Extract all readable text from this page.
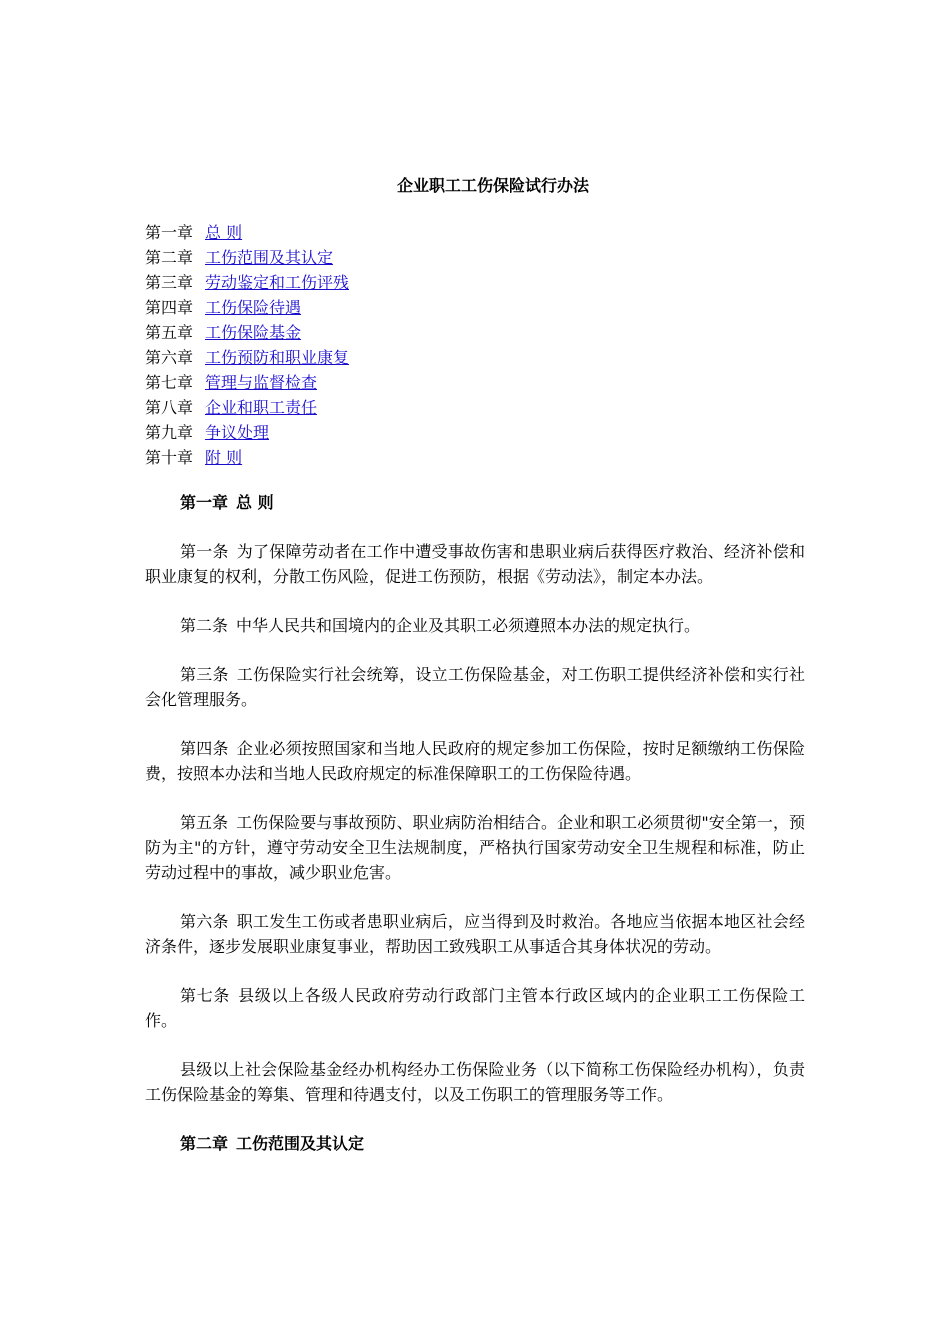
企业职工工伤保险试行办法
第一章 总 则
第二章 工伤范围及其认定
第三章 劳动鉴定和工伤评残
第四章 工伤保险待遇
第五章 工伤保险基金
第六章 工伤预防和职业康复
第七章 管理与监督检查
第八章 企业和职工责任
第九章 争议处理
第十章 附 则
第一章 总 则

第一条 为了保障劳动者在工作中遭受事故伤害和患职业病后获得医疗救治、经济补偿和职业康复的权利，分散工伤风险，促进工伤预防，根据《劳动法》，制定本办法。

第二条 中华人民共和国境内的企业及其职工必须遵照本办法的规定执行。

第三条 工伤保险实行社会统筹，设立工伤保险基金，对工伤职工提供经济补偿和实行社会化管理服务。

第四条 企业必须按照国家和当地人民政府的规定参加工伤保险，按时足额缴纳工伤保险费，按照本办法和当地人民政府规定的标准保障职工的工伤保险待遇。

第五条 工伤保险要与事故预防、职业病防治相结合。企业和职工必须贯彻"安全第一，预防为主"的方针，遵守劳动安全卫生法规制度，严格执行国家劳动安全卫生规程和标准，防止劳动过程中的事故，减少职业危害。

第六条 职工发生工伤或者患职业病后，应当得到及时救治。各地应当依据本地区社会经济条件，逐步发展职业康复事业，帮助因工致残职工从事适合其身体状况的劳动。

第七条 县级以上各级人民政府劳动行政部门主管本行政区域内的企业职工工伤保险工作。

县级以上社会保险基金经办机构经办工伤保险业务（以下简称工伤保险经办机构），负责工伤保险基金的筹集、管理和待遇支付，以及工伤职工的管理服务等工作。

第二章 工伤范围及其认定
